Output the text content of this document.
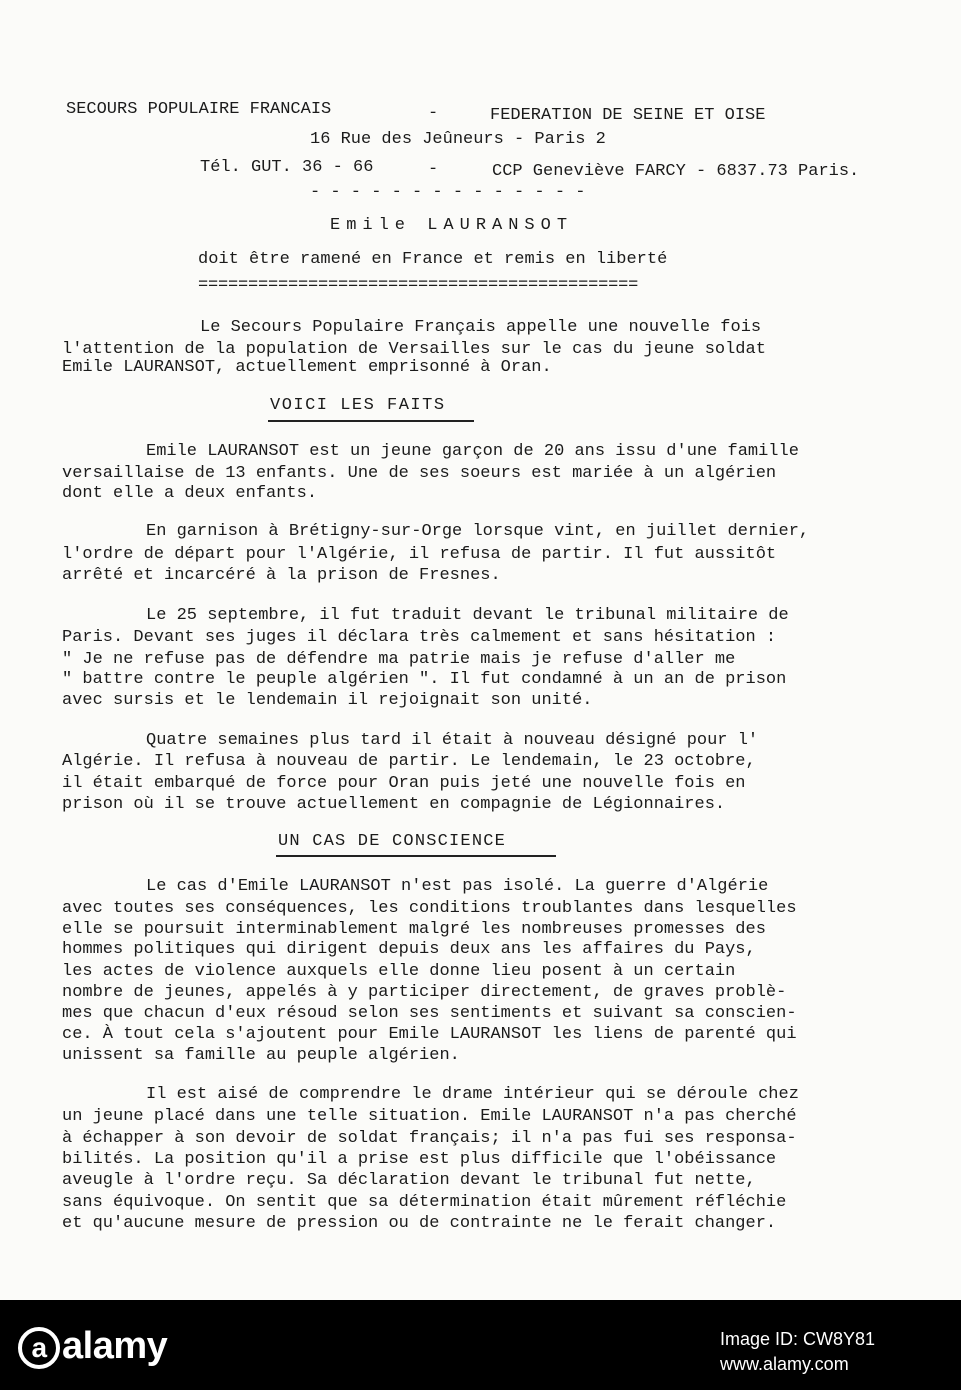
SECOURS POPULAIRE FRANCAIS	-	FEDERATION DE SEINE ET OISE
16 Rue des Jeûneurs - Paris 2
Tél. GUT. 36 - 66	-	CCP Geneviève FARCY - 6837.73 Paris.
- - - - - - - - - - - - - -
Emile LAURANSOT
doit être ramené en France et remis en liberté
============================================
Le Secours Populaire Français appelle une nouvelle fois
l'attention de la population de Versailles sur le cas du jeune soldat
Emile LAURANSOT, actuellement emprisonné à Oran.
VOICI LES FAITS
Emile LAURANSOT est un jeune garçon de 20 ans issu d'une famille
versaillaise de 13 enfants. Une de ses soeurs est mariée à un algérien
dont elle a deux enfants.
En garnison à Brétigny-sur-Orge lorsque vint, en juillet dernier,
l'ordre de départ pour l'Algérie, il refusa de partir. Il fut aussitôt
arrêté et incarcéré à la prison de Fresnes.
Le 25 septembre, il fut traduit devant le tribunal militaire de
Paris. Devant ses juges il déclara très calmement et sans hésitation :
" Je ne refuse pas de défendre ma patrie mais je refuse d'aller me
" battre contre le peuple algérien ". Il fut condamné à un an de prison
avec sursis et le lendemain il rejoignait son unité.
Quatre semaines plus tard il était à nouveau désigné pour l'
Algérie. Il refusa à nouveau de partir. Le lendemain, le 23 octobre,
il était embarqué de force pour Oran puis jeté une nouvelle fois en
prison où il se trouve actuellement en compagnie de Légionnaires.
UN CAS DE CONSCIENCE
Le cas d'Emile LAURANSOT n'est pas isolé. La guerre d'Algérie
avec toutes ses conséquences, les conditions troublantes dans lesquelles
elle se poursuit interminablement malgré les nombreuses promesses des
hommes politiques qui dirigent depuis deux ans les affaires du Pays,
les actes de violence auxquels elle donne lieu posent à un certain
nombre de jeunes, appelés à y participer directement, de graves problè-
mes que chacun d'eux résoud selon ses sentiments et suivant sa conscien-
ce. À tout cela s'ajoutent pour Emile LAURANSOT les liens de parenté qui
unissent sa famille au peuple algérien.
Il est aisé de comprendre le drame intérieur qui se déroule chez
un jeune placé dans une telle situation. Emile LAURANSOT n'a pas cherché
à échapper à son devoir de soldat français; il n'a pas fui ses responsa-
bilités. La position qu'il a prise est plus difficile que l'obéissance
aveugle à l'ordre reçu. Sa déclaration devant le tribunal fut nette,
sans équivoque. On sentit que sa détermination était mûrement réfléchie
et qu'aucune mesure de pression ou de contrainte ne le ferait changer.
a alamy	Image ID: CW8Y81
www.alamy.com
